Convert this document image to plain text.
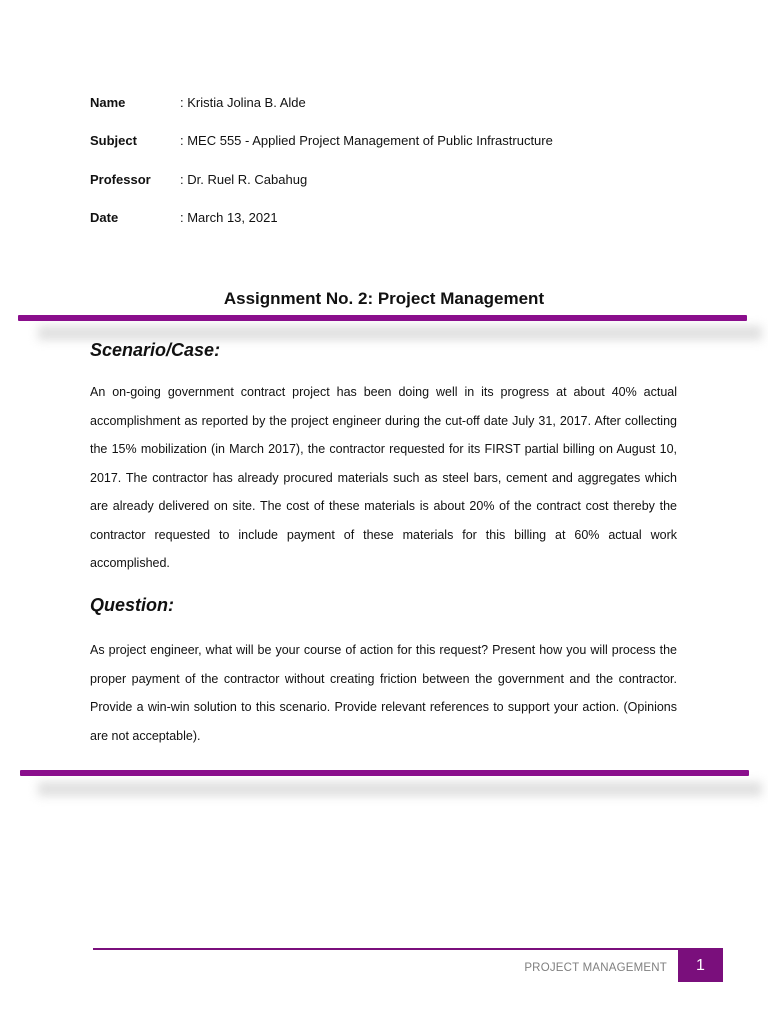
Name	: Kristia Jolina B. Alde
Subject	: MEC 555 - Applied Project Management of Public Infrastructure
Professor : Dr. Ruel R. Cabahug
Date	: March 13, 2021
Assignment No. 2: Project Management
Scenario/Case:

An on-going government contract project has been doing well in its progress at about 40% actual accomplishment as reported by the project engineer during the cut-off date July 31, 2017. After collecting the 15% mobilization (in March 2017), the contractor requested for its FIRST partial billing on August 10, 2017. The contractor has already procured materials such as steel bars, cement and aggregates which are already delivered on site. The cost of these materials is about 20% of the contract cost thereby the contractor requested to include payment of these materials for this billing at 60% actual work accomplished.

Question:

As project engineer, what will be your course of action for this request? Present how you will process the proper payment of the contractor without creating friction between the government and the contractor. Provide a win-win solution to this scenario. Provide relevant references to support your action. (Opinions are not acceptable).

PROJECT MANAGEMENT	1
